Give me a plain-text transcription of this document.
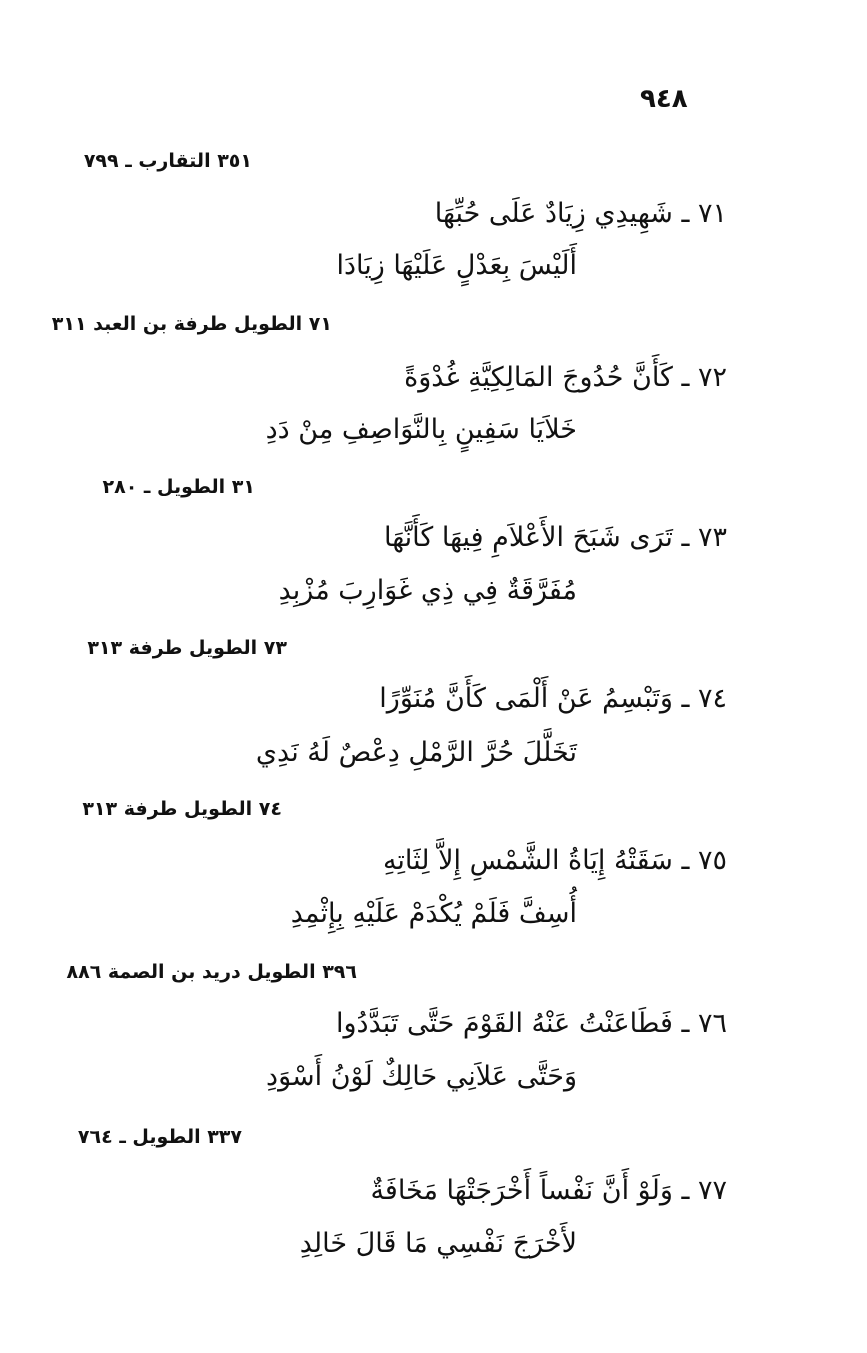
٩٤٨
٣٥١ التقارب ـ ٧٩٩
٧١ ـ شَهِيدِي زِيَادٌ عَلَى حُبِّهَا
أَلَيْسَ بِعَدْلٍ عَلَيْهَا زِيَادَا
٧١ الطويل طرفة بن العبد ٣١١
٧٢ ـ كَأَنَّ حُدُوجَ المَالِكِيَّةِ غُدْوَةً
خَلاَيَا سَفِينٍ بِالنَّوَاصِفِ مِنْ دَدِ
٣١ الطويل ـ ٢٨٠
٧٣ ـ تَرَى شَبَحَ الأَعْلاَمِ فِيهَا كَأَنَّهَا
مُفَرَّقَةٌ فِي ذِي غَوَارِبَ مُزْبِدِ
٧٣ الطويل طرفة ٣١٣
٧٤ ـ وَتَبْسِمُ عَنْ أَلْمَى كَأَنَّ مُنَوِّرًا
تَخَلَّلَ حُرَّ الرَّمْلِ دِعْصٌ لَهُ نَدِي
٧٤ الطويل طرفة ٣١٣
٧٥ ـ سَقَتْهُ إِيَاةُ الشَّمْسِ إِلاَّ لِثَاتِهِ
أُسِفَّ فَلَمْ يُكْدَمْ عَلَيْهِ بِإِثْمِدِ
٣٩٦ الطويل دريد بن الصمة ٨٨٦
٧٦ ـ فَطَاعَنْتُ عَنْهُ القَوْمَ حَتَّى تَبَدَّدُوا
وَحَتَّى عَلاَنِي حَالِكٌ لَوْنُ أَسْوَدِ
٣٣٧ الطويل ـ ٧٦٤
٧٧ ـ وَلَوْ أَنَّ نَفْساً أَخْرَجَتْهَا مَخَافَةٌ
لأَخْرَجَ نَفْسِي مَا قَالَ خَالِدِ
